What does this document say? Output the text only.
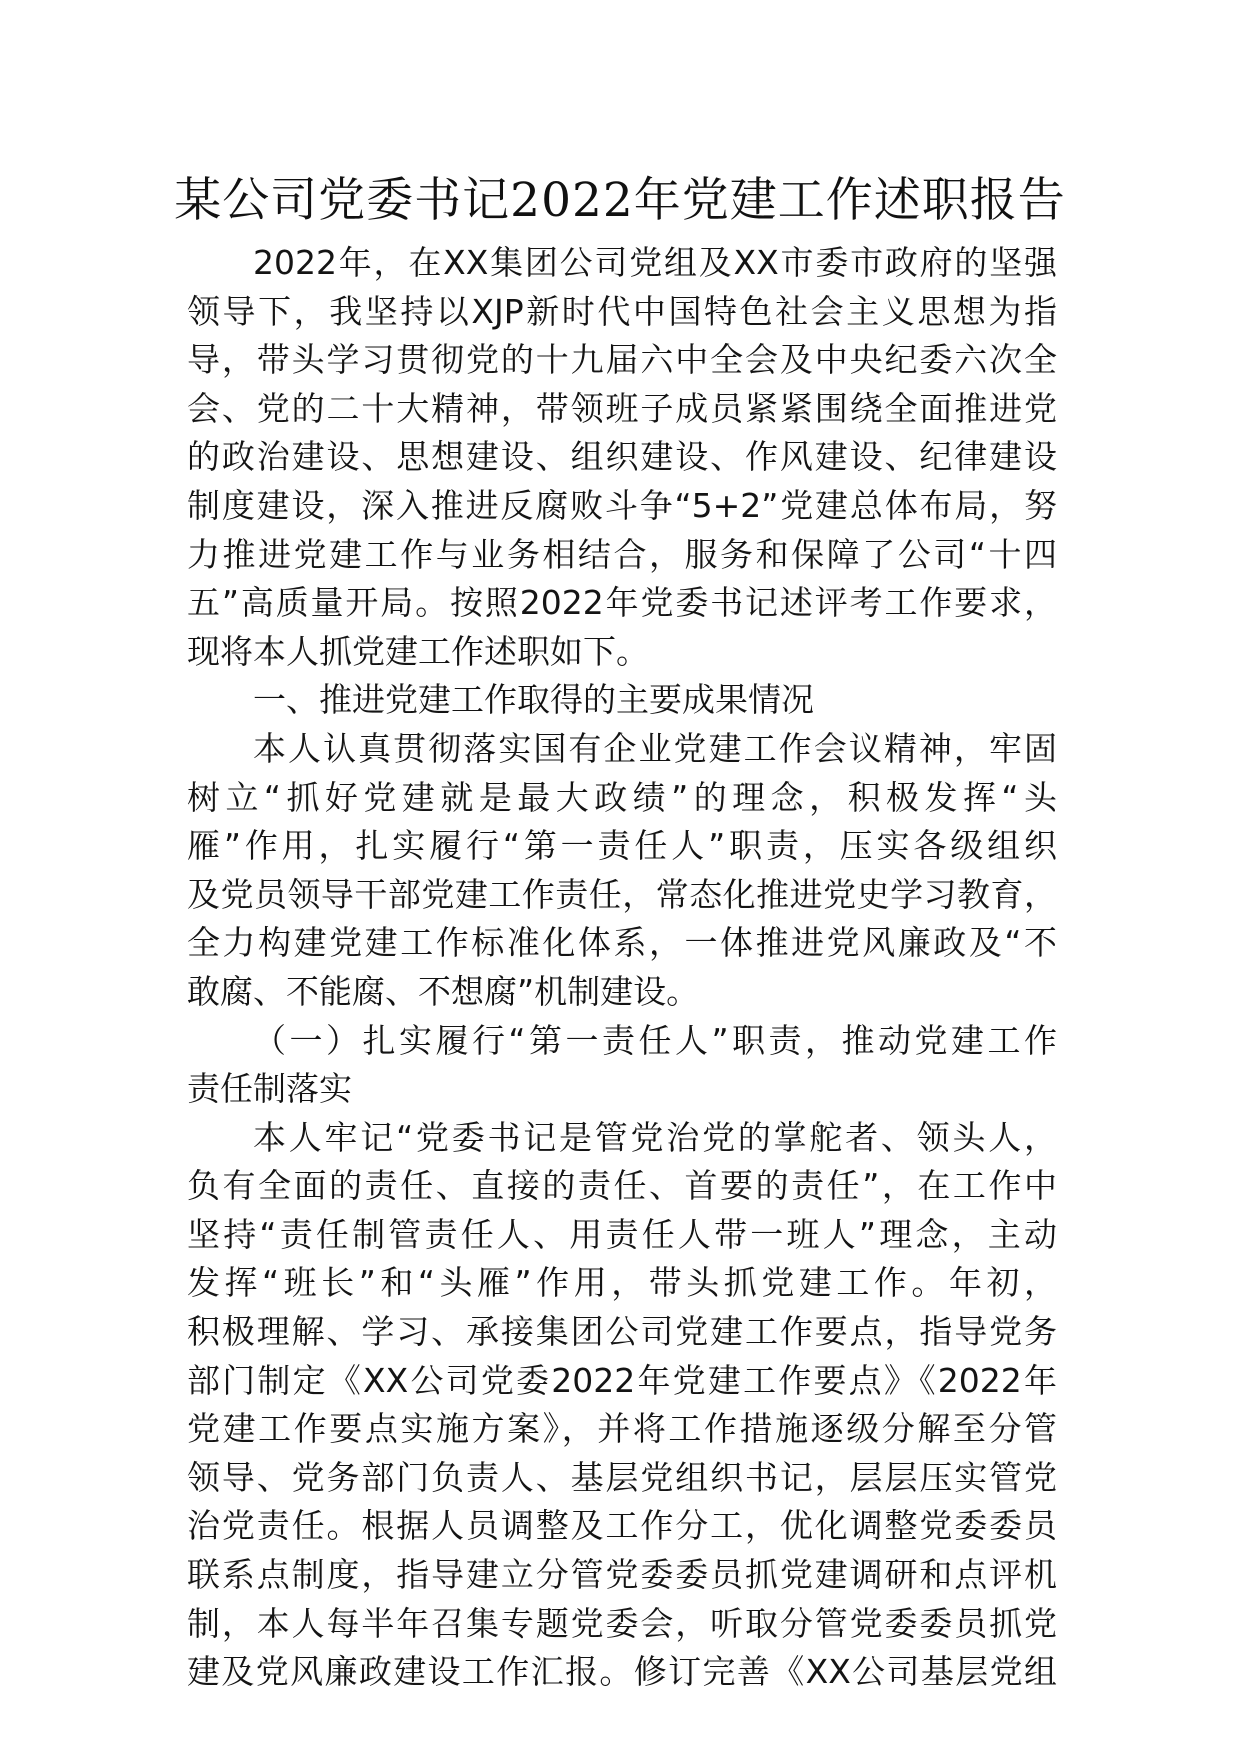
某公司党委书记2022年党建工作述职报告
2022年，在XX集团公司党组及XX市委市政府的坚强
领导下，我坚持以XJP新时代中国特色社会主义思想为指
导，带头学习贯彻党的十九届六中全会及中央纪委六次全
会、党的二十大精神，带领班子成员紧紧围绕全面推进党
的政治建设、思想建设、组织建设、作风建设、纪律建设
制度建设，深入推进反腐败斗争“5+2”党建总体布局，努
力推进党建工作与业务相结合，服务和保障了公司“十四
五”高质量开局。按照2022年党委书记述评考工作要求，
现将本人抓党建工作述职如下。
一、推进党建工作取得的主要成果情况
本人认真贯彻落实国有企业党建工作会议精神，牢固
树立“抓好党建就是最大政绩”的理念，积极发挥“头
雁”作用，扎实履行“第一责任人”职责，压实各级组织
及党员领导干部党建工作责任，常态化推进党史学习教育，
全力构建党建工作标准化体系，一体推进党风廉政及“不
敢腐、不能腐、不想腐”机制建设。
（一）扎实履行“第一责任人”职责，推动党建工作
责任制落实
本人牢记“党委书记是管党治党的掌舵者、领头人，
负有全面的责任、直接的责任、首要的责任”，在工作中
坚持“责任制管责任人、用责任人带一班人”理念，主动
发挥“班长”和“头雁”作用，带头抓党建工作。年初，
积极理解、学习、承接集团公司党建工作要点，指导党务
部门制定《XX公司党委2022年党建工作要点》《2022年
党建工作要点实施方案》，并将工作措施逐级分解至分管
领导、党务部门负责人、基层党组织书记，层层压实管党
治党责任。根据人员调整及工作分工，优化调整党委委员
联系点制度，指导建立分管党委委员抓党建调研和点评机
制，本人每半年召集专题党委会，听取分管党委委员抓党
建及党风廉政建设工作汇报。修订完善《XX公司基层党组
